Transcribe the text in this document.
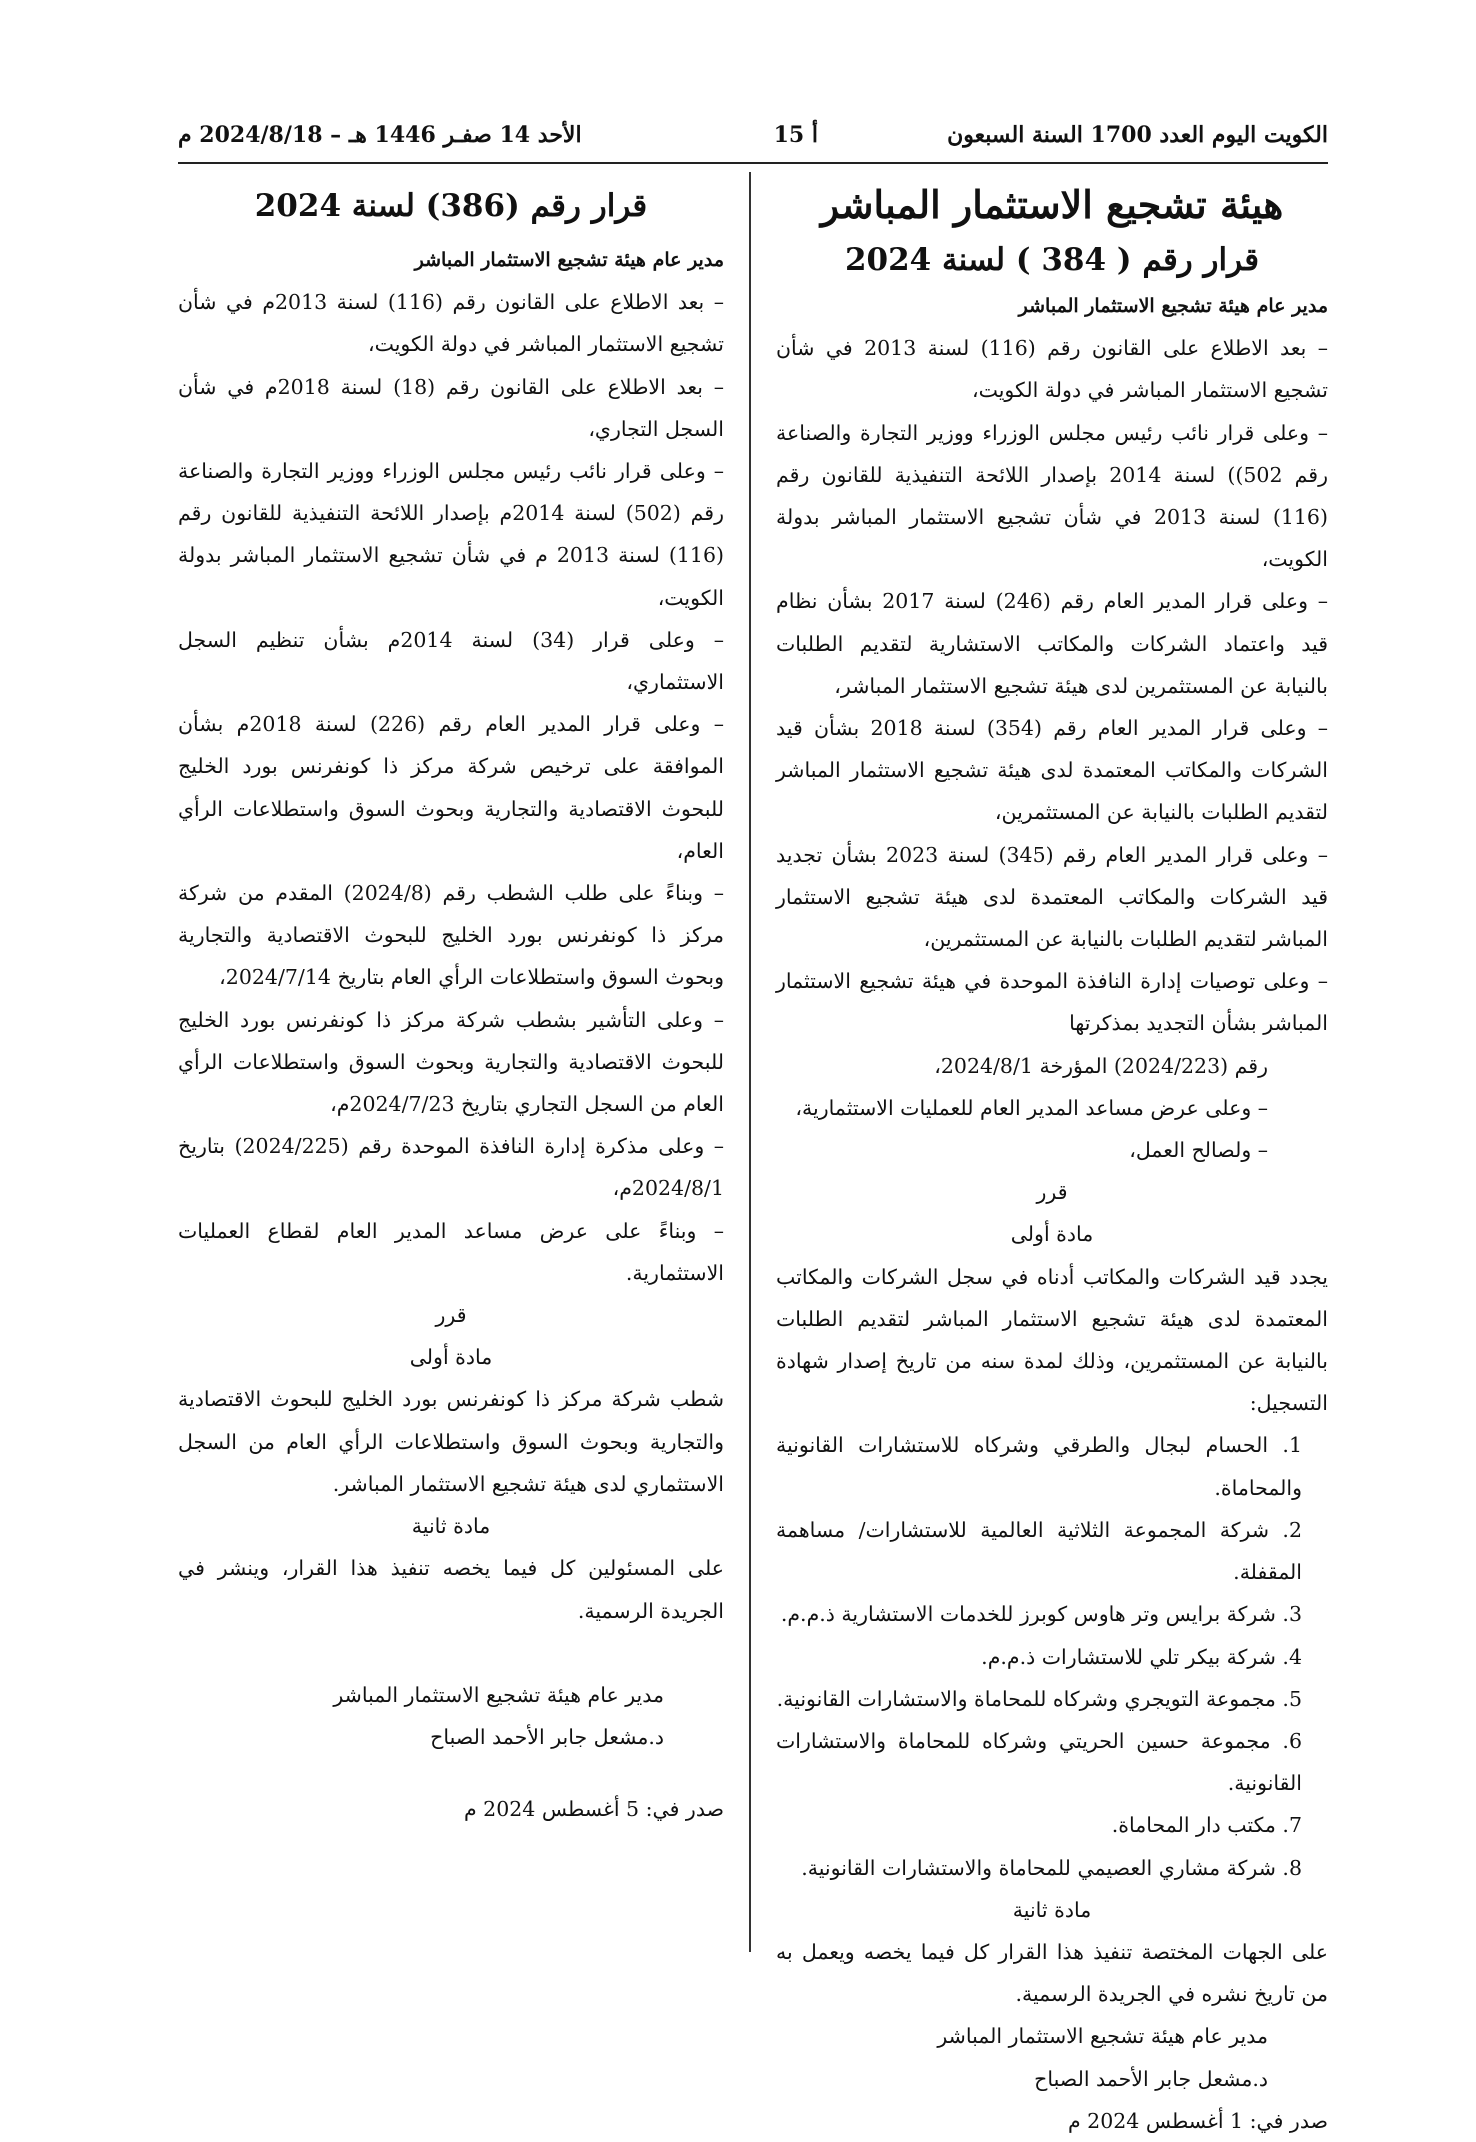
الكويت اليوم العدد 1700 السنة السبعون
أ 15
الأحد 14 صفـر 1446 هـ – 2024/8/18 م

هيئة تشجيع الاستثمار المباشر

قرار رقم ( 384 ) لسنة 2024

مدير عام هيئة تشجيع الاستثمار المباشر

– بعد الاطلاع على القانون رقم (116) لسنة 2013 في شأن تشجيع الاستثمار المباشر في دولة الكويت،

– وعلى قرار نائب رئيس مجلس الوزراء ووزير التجارة والصناعة رقم 502)) لسنة 2014 بإصدار اللائحة التنفيذية للقانون رقم (116) لسنة 2013 في شأن تشجيع الاستثمار المباشر بدولة الكويت،

– وعلى قرار المدير العام رقم (246) لسنة 2017 بشأن نظام قيد واعتماد الشركات والمكاتب الاستشارية لتقديم الطلبات بالنيابة عن المستثمرين لدى هيئة تشجيع الاستثمار المباشر،

– وعلى قرار المدير العام رقم (354) لسنة 2018 بشأن قيد الشركات والمكاتب المعتمدة لدى هيئة تشجيع الاستثمار المباشر لتقديم الطلبات بالنيابة عن المستثمرين،

– وعلى قرار المدير العام رقم (345) لسنة 2023 بشأن تجديد قيد الشركات والمكاتب المعتمدة لدى هيئة تشجيع الاستثمار المباشر لتقديم الطلبات بالنيابة عن المستثمرين،

– وعلى توصيات إدارة النافذة الموحدة في هيئة تشجيع الاستثمار المباشر بشأن التجديد بمذكرتها

رقم (2024/223) المؤرخة 2024/8/1،

– وعلى عرض مساعد المدير العام للعمليات الاستثمارية،

– ولصالح العمل،

قرر

مادة أولى

يجدد قيد الشركات والمكاتب أدناه في سجل الشركات والمكاتب المعتمدة لدى هيئة تشجيع الاستثمار المباشر لتقديم الطلبات بالنيابة عن المستثمرين، وذلك لمدة سنه من تاريخ إصدار شهادة التسجيل:

1. الحسام لبجال والطرقي وشركاه للاستشارات القانونية والمحاماة.
2. شركة المجموعة الثلاثية العالمية للاستشارات/ مساهمة المقفلة.
3. شركة برايس وتر هاوس كوبرز للخدمات الاستشارية ذ.م.م.
4. شركة بيكر تلي للاستشارات ذ.م.م.
5. مجموعة التويجري وشركاه للمحاماة والاستشارات القانونية.
6. مجموعة حسين الحريتي وشركاه للمحاماة والاستشارات القانونية.
7. مكتب دار المحاماة.
8. شركة مشاري العصيمي للمحاماة والاستشارات القانونية.

مادة ثانية

على الجهات المختصة تنفيذ هذا القرار كل فيما يخصه ويعمل به من تاريخ نشره في الجريدة الرسمية.

مدير عام هيئة تشجيع الاستثمار المباشر

د.مشعل جابر الأحمد الصباح

صدر في: 1 أغسطس 2024 م

قرار رقم (386) لسنة 2024

مدير عام هيئة تشجيع الاستثمار المباشر

– بعد الاطلاع على القانون رقم (116) لسنة 2013م في شأن تشجيع الاستثمار المباشر في دولة الكويت،

– بعد الاطلاع على القانون رقم (18) لسنة 2018م في شأن السجل التجاري،

– وعلى قرار نائب رئيس مجلس الوزراء ووزير التجارة والصناعة رقم (502) لسنة 2014م بإصدار اللائحة التنفيذية للقانون رقم (116) لسنة 2013 م في شأن تشجيع الاستثمار المباشر بدولة الكويت،

– وعلى قرار (34) لسنة 2014م بشأن تنظيم السجل الاستثماري،

– وعلى قرار المدير العام رقم (226) لسنة 2018م بشأن الموافقة على ترخيص شركة مركز ذا كونفرنس بورد الخليج للبحوث الاقتصادية والتجارية وبحوث السوق واستطلاعات الرأي العام،

– وبناءً على طلب الشطب رقم (2024/8) المقدم من شركة مركز ذا كونفرنس بورد الخليج للبحوث الاقتصادية والتجارية وبحوث السوق واستطلاعات الرأي العام بتاريخ 2024/7/14،

– وعلى التأشير بشطب شركة مركز ذا كونفرنس بورد الخليج للبحوث الاقتصادية والتجارية وبحوث السوق واستطلاعات الرأي العام من السجل التجاري بتاريخ 2024/7/23م،

– وعلى مذكرة إدارة النافذة الموحدة رقم (2024/225) بتاريخ 2024/8/1م،

– وبناءً على عرض مساعد المدير العام لقطاع العمليات الاستثمارية.

قرر

مادة أولى

شطب شركة مركز ذا كونفرنس بورد الخليج للبحوث الاقتصادية والتجارية وبحوث السوق واستطلاعات الرأي العام من السجل الاستثماري لدى هيئة تشجيع الاستثمار المباشر.

مادة ثانية

على المسئولين كل فيما يخصه تنفيذ هذا القرار، وينشر في الجريدة الرسمية.

مدير عام هيئة تشجيع الاستثمار المباشر

د.مشعل جابر الأحمد الصباح

صدر في: 5 أغسطس 2024 م
